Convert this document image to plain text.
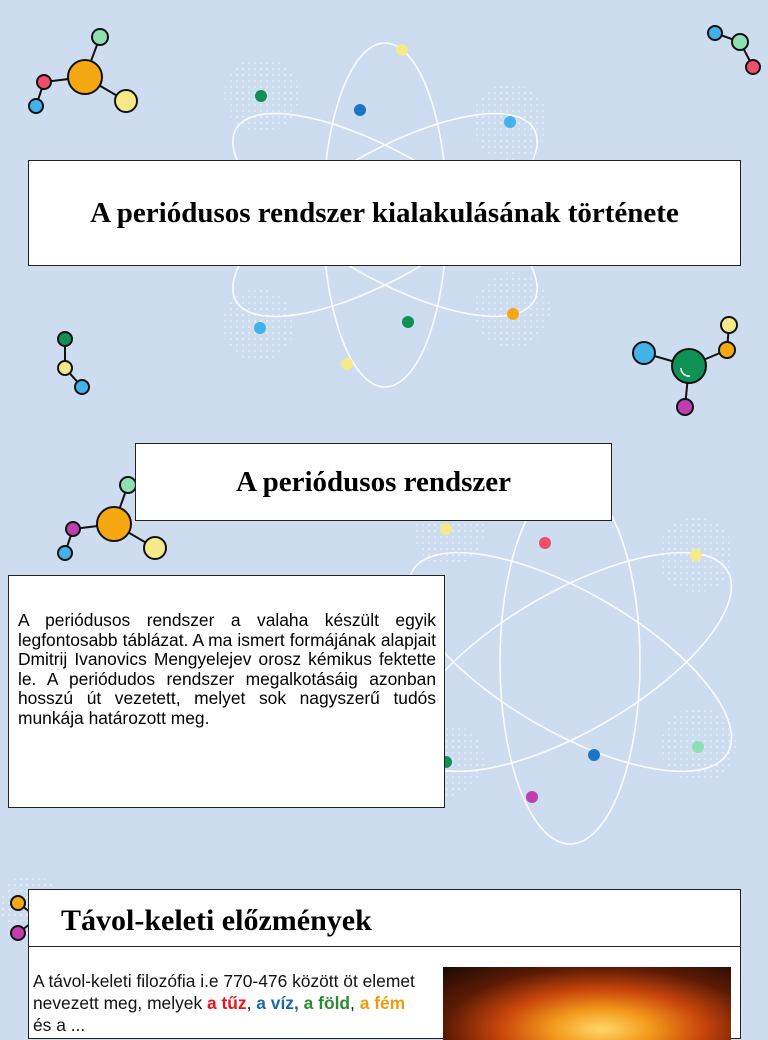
A periódusos rendszer kialakulásának története
A periódusos rendszer

A periódusos rendszer a valaha készült egyik legfontosabb táblázat. A ma ismert formájának alapjait Dmitrij Ivanovics Mengyelejev orosz kémikus fektette le. A periódudos rendszer megalkotásáig azonban hosszú út vezetett, melyet sok nagyszerű tudós munkája határozott meg.

Távol-keleti előzmények

A távol-keleti filozófia i.e 770-476 között öt elemet nevezett meg, melyek a tűz, a víz, a föld, a fém és a ...
